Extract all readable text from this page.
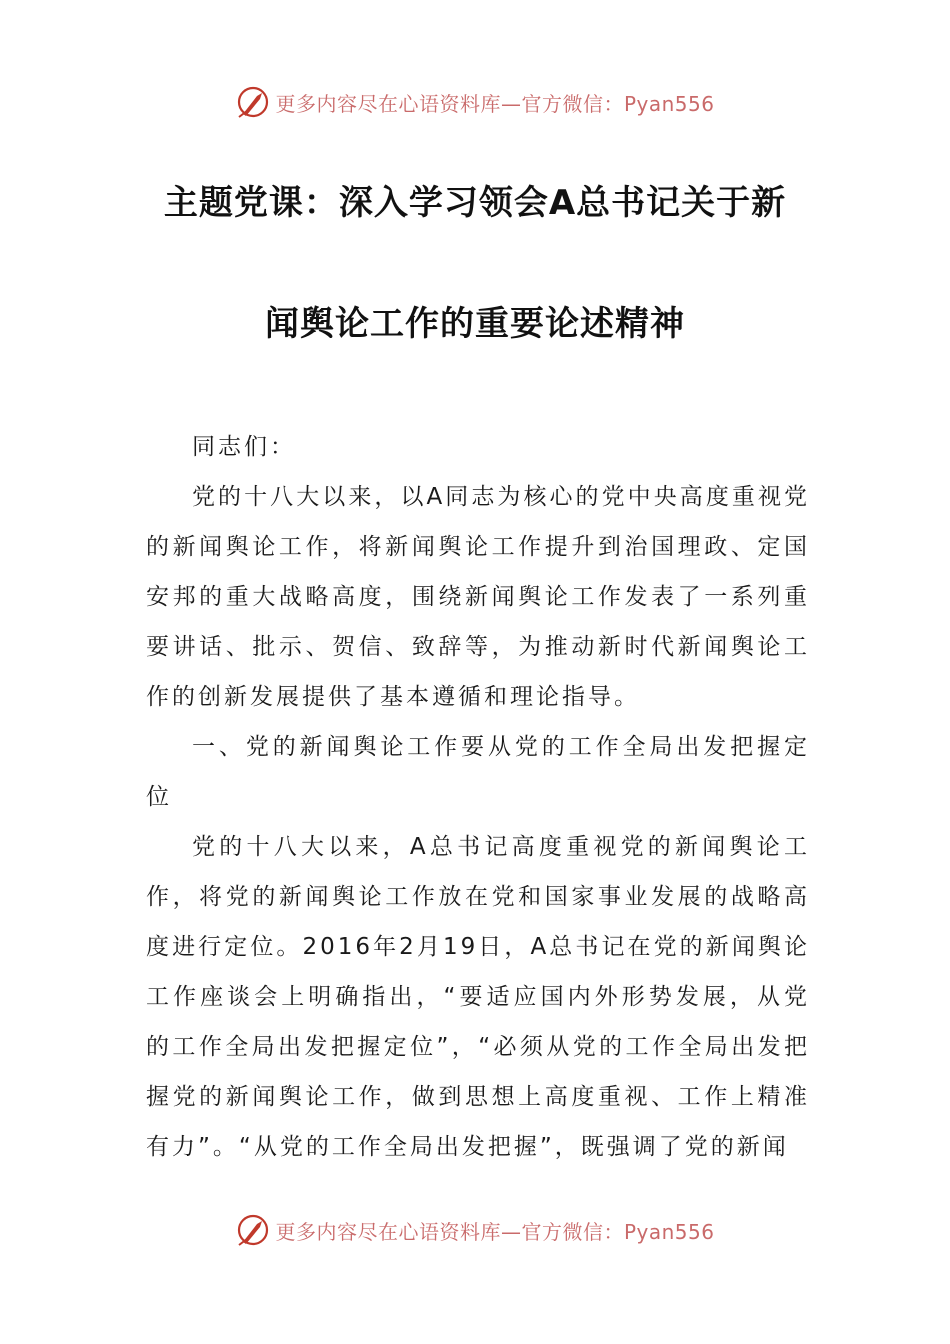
更多内容尽在心语资料库—官方微信：Pyan556
主题党课：深入学习领会A总书记关于新
闻舆论工作的重要论述精神

同志们：

党的十八大以来，以A同志为核心的党中央高度重视党的新闻舆论工作，将新闻舆论工作提升到治国理政、定国安邦的重大战略高度，围绕新闻舆论工作发表了一系列重要讲话、批示、贺信、致辞等，为推动新时代新闻舆论工作的创新发展提供了基本遵循和理论指导。

一、党的新闻舆论工作要从党的工作全局出发把握定位

党的十八大以来，A总书记高度重视党的新闻舆论工作，将党的新闻舆论工作放在党和国家事业发展的战略高度进行定位。2016年2月19日，A总书记在党的新闻舆论工作座谈会上明确指出，“要适应国内外形势发展，从党的工作全局出发把握定位”，“必须从党的工作全局出发把握党的新闻舆论工作，做到思想上高度重视、工作上精准有力”。“从党的工作全局出发把握”，既强调了党的新闻

更多内容尽在心语资料库—官方微信：Pyan556
